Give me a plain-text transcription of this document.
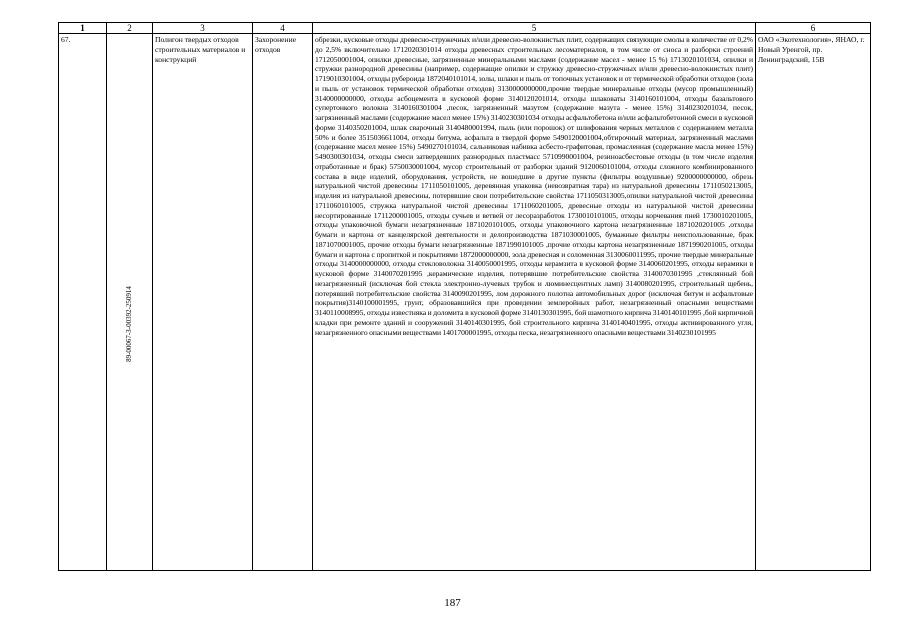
1	2	3	4	5	6
67.	89-00067-З-00392-250914	Полигон твердых отходов строительных материалов и конструкций	Захоронение отходов	обрезки, кусковые отходы древесно-стружечных и/или древесно-волокнистых плит, содержащих связующие смолы в количестве от 0,2% до 2,5% включительно 1712020301014 отходы древесных строительных лесоматериалов, в том числе от сноса и разборки строений 1712050001004, опилки древесные, загрязненные минеральными маслами (содержание масел - менее 15 %) 1713020101034, опилки и стружки разнородной древесины (например, содержащие опилки и стружку древесно-стружечных и/или древесно-волокнистых плит) 1719010301004, отходы рубероида 1872040101014, золы, шлаки и пыль от топочных установок и от термической обработки отходов (зола и пыль от установок термической обработки отходов) 3130000000000,прочие твердые минеральные отходы (мусор промышленный) 3140000000000, отходы асбоцемента в кусковой форме 3140120201014, отходы шлаковаты 3140160101004, отходы базальтового супертонкого волокна 3140160301004 ,песок, загрязненный мазутом (содержание мазута - менее 15%) 3140230201034, песок, загрязненный маслами (содержание масел менее 15%) 3140230301034 отходы асфальтобетона и/или асфальтобетонной смеси в кусковой форме 3140350201004, шлак сварочный 3140480001994, пыль (или порошок) от шлифования черных металлов с содержанием металла 50% и более 3515036611004, отходы битума, асфальта в твердой форме 5490120001004,обтирочный материал, загрязненный маслами (содержание масел менее 15%) 5490270101034, сальниковая набивка асбесто-графитовая, промасленная (содержание масла менее 15%) 5490300301034, отходы смеси затвердевших разнородных пластмасс 5710990001004, резиноасбестовые отходы (в том числе изделия отработанные и брак) 5750030001004, мусор строительный от разборки зданий 9120060101004, отходы сложного комбинированного состава в виде изделий, оборудования, устройств, не вошедшие в другие пункты (фильтры воздушные) 9200000000000, обрезь натуральной чистой древесины 1711050101005, деревянная упаковка (невозвратная тара) из натуральной древесины 1711050213005, изделия из натуральной древесины, потерявшие свои потребительские свойства 1711050313005,опилки натуральной чистой древесины 1711060101005, стружка натуральной чистой древесины 1711060201005, древесные отходы из натуральной чистой древесины несортированные 1711200001005, отходы сучьев и ветвей от лесоразработок 1730010101005, отходы корчевания пней 1730010201005, отходы упаковочной бумаги незагрязненные 1871020101005, отходы упаковочного картона незагрязненные 1871020201005 ,отходы бумаги и картона от канцелярской деятельности и делопроизводства 1871030001005, бумажные фильтры неиспользованные, брак 1871070001005, прочие отходы бумаги незагрязненные 1871990101005 ,прочие отходы картона незагрязненные 1871990201005, отходы бумаги и картона с пропиткой и покрытиями 1872000000000, зола древесная и соломенная 3130060011995, прочие твердые минеральные отходы 3140000000000, отходы стекловолокна 3140050001995, отходы керамзита в кусковой форме 3140060201995, отходы керамики в кусковой форме 3140070201995 ,керамические изделия, потерявшие потребительские свойства 3140070301995 ,стеклянный бой незагрязненный (исключая бой стекла электронно-лучевых трубок и люминесцентных ламп) 3140080201995, строительный щебень, потерявший потребительские свойства 3140090201995, лом дорожного полотна автомобильных дорог (исключая битум и асфальтовые покрытия)3140100001995, грунт, образовавшийся при проведении землеройных работ, незагрязненный опасными веществами 3140110008995, отходы известняка и доломита в кусковой форме 3140130301995, бой шамотного кирпича 3140140101995 ,бой кирпичной кладки при ремонте зданий и сооружений 3140140301995, бой строительного кирпича 3140140401995, отходы активированного угля, незагрязненного опасными веществами 1401700001995, отходы песка, незагрязненного опасными веществами 3140230101995	ОАО «Экотехнология», ЯНАО, г. Новый Уренгой, пр. Ленинградский, 15В
187
